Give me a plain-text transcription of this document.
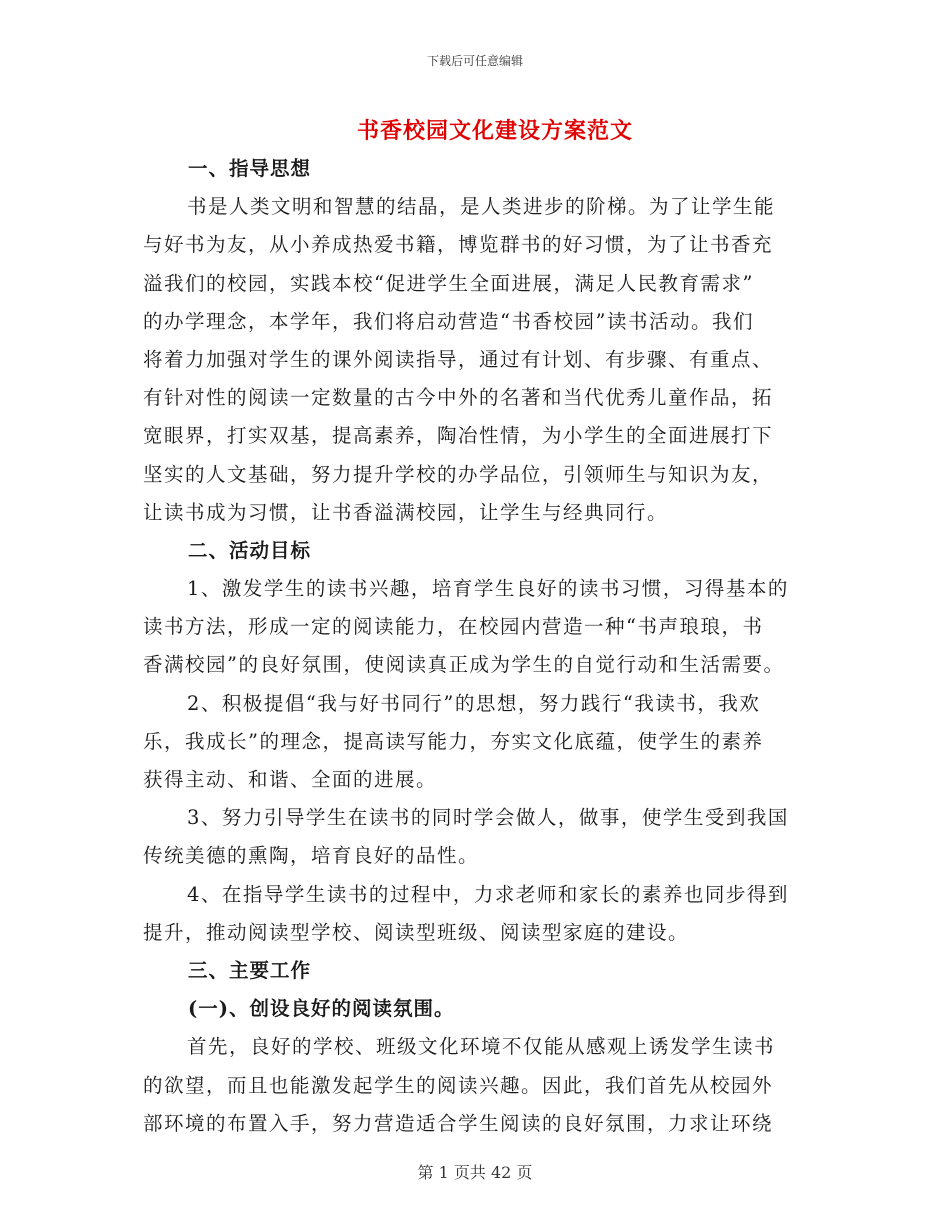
下载后可任意编辑
书香校园文化建设方案范文
一、指导思想
书是人类文明和智慧的结晶，是人类进步的阶梯。为了让学生能
与好书为友，从小养成热爱书籍，博览群书的好习惯，为了让书香充
溢我们的校园，实践本校“促进学生全面进展，满足人民教育需求”
的办学理念，本学年，我们将启动营造“书香校园”读书活动。我们
将着力加强对学生的课外阅读指导，通过有计划、有步骤、有重点、
有针对性的阅读一定数量的古今中外的名著和当代优秀儿童作品，拓
宽眼界，打实双基，提高素养，陶冶性情，为小学生的全面进展打下
坚实的人文基础，努力提升学校的办学品位，引领师生与知识为友，
让读书成为习惯，让书香溢满校园，让学生与经典同行。
二、活动目标
1、激发学生的读书兴趣，培育学生良好的读书习惯，习得基本的
读书方法，形成一定的阅读能力，在校园内营造一种“书声琅琅，书
香满校园”的良好氛围，使阅读真正成为学生的自觉行动和生活需要。
2、积极提倡“我与好书同行”的思想，努力践行“我读书，我欢
乐，我成长”的理念，提高读写能力，夯实文化底蕴，使学生的素养
获得主动、和谐、全面的进展。
3、努力引导学生在读书的同时学会做人，做事，使学生受到我国
传统美德的熏陶，培育良好的品性。
4、在指导学生读书的过程中，力求老师和家长的素养也同步得到
提升，推动阅读型学校、阅读型班级、阅读型家庭的建设。
三、主要工作
(一)、创设良好的阅读氛围。
首先，良好的学校、班级文化环境不仅能从感观上诱发学生读书
的欲望，而且也能激发起学生的阅读兴趣。因此，我们首先从校园外
部环境的布置入手，努力营造适合学生阅读的良好氛围，力求让环绕
第 1 页共 42 页
